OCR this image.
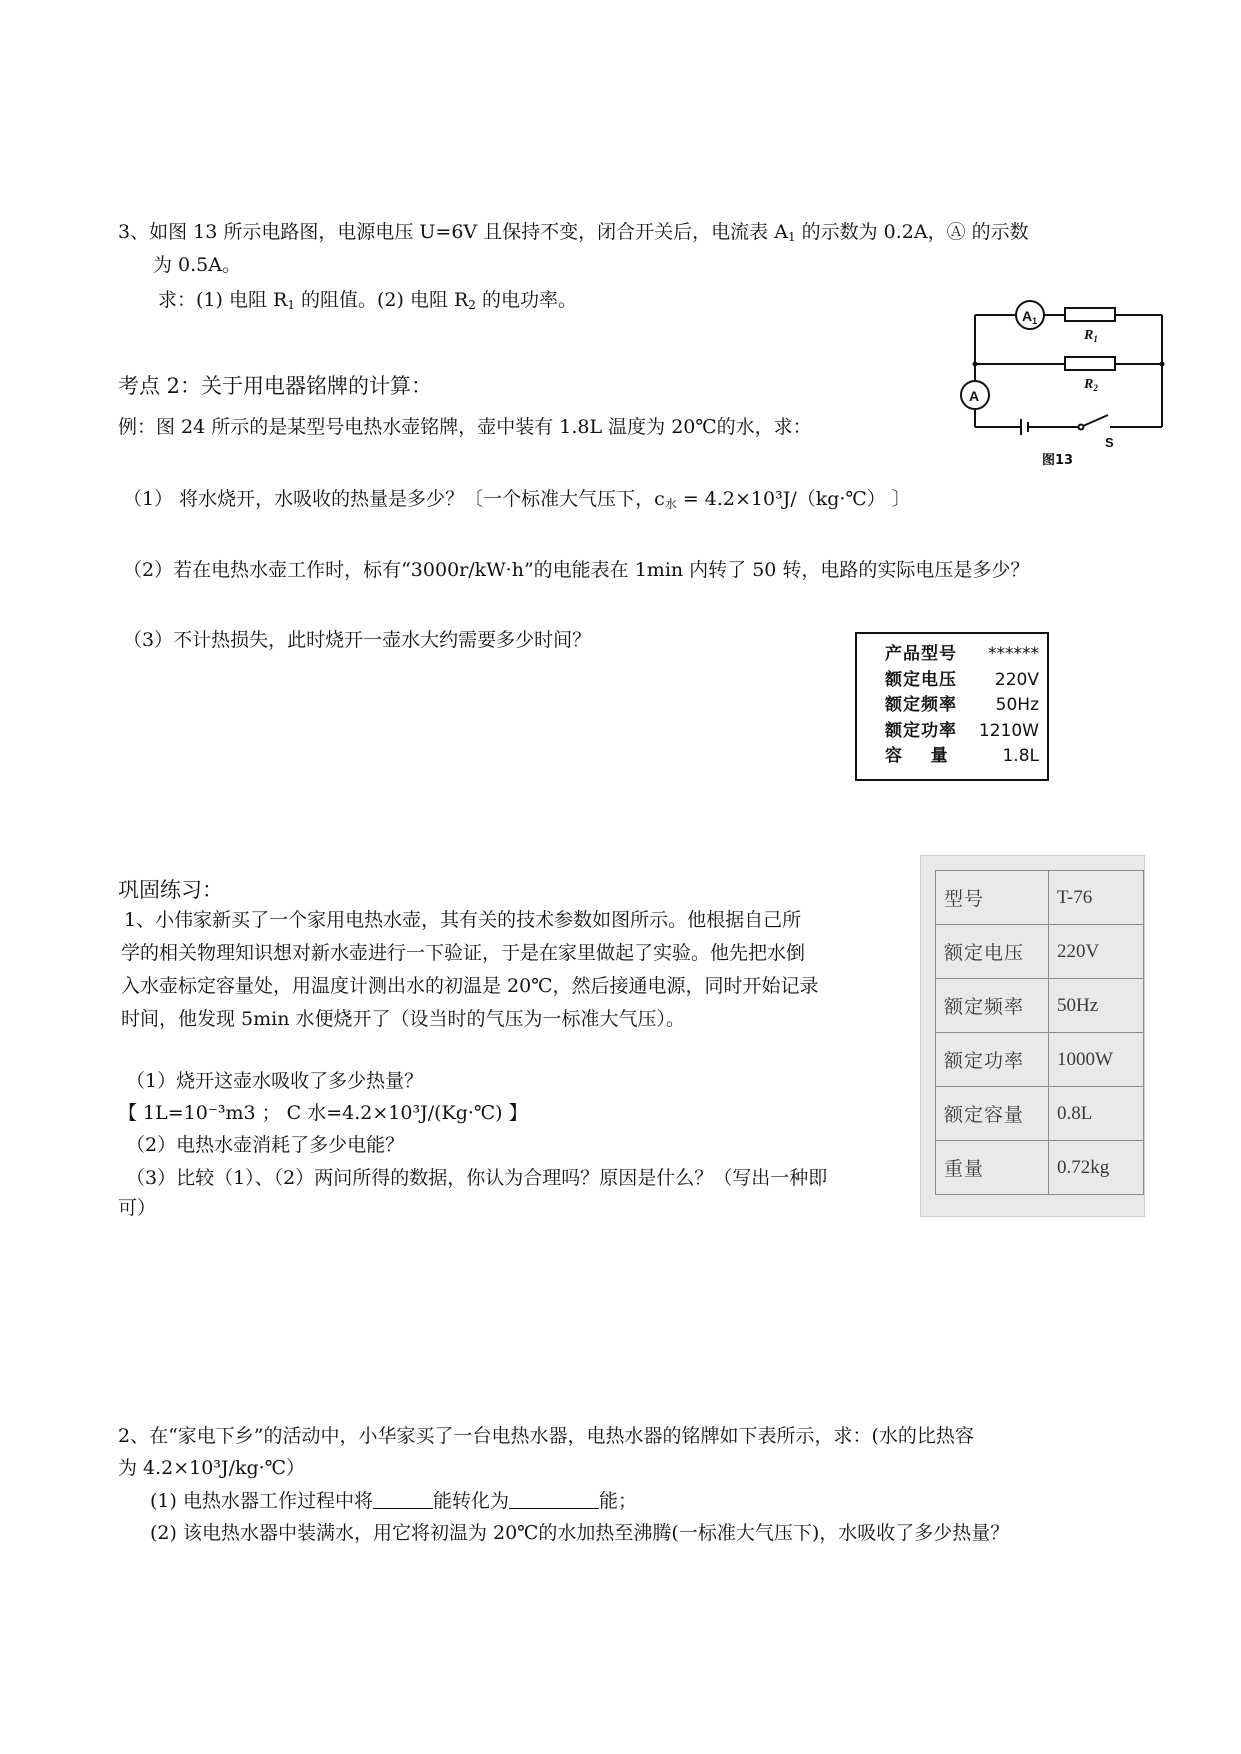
3、如图 13 所示电路图，电源电压 U=6V 且保持不变，闭合开关后，电流表 $A_1$ 的示数为 0.2A，Ⓐ 的示数
为 0.5A。
求：(1) 电阻 $R_1$ 的阻值。(2) 电阻 $R_2$ 的电功率。
$A_1$
A
$R_1$
$R_2$
S
图13
考点 2：关于用电器铭牌的计算：
例：图 24 所示的是某型号电热水壶铭牌，壶中装有 1.8L 温度为 20℃的水，求：
（1） 将水烧开，水吸收的热量是多少？〔一个标准大气压下，$c_水$ = 4.2×10³J/（kg·℃） 〕
（2）若在电热水壶工作时，标有“3000r/kW·h”的电能表在 1min 内转了 50 转，电路的实际电压是多少？
（3）不计热损失，此时烧开一壶水大约需要多少时间？
产品型号	******
额定电压	220V
额定频率	50Hz
额定功率	1210W
容    量	1.8L
巩固练习：
1、小伟家新买了一个家用电热水壶，其有关的技术参数如图所示。他根据自己所
学的相关物理知识想对新水壶进行一下验证，于是在家里做起了实验。他先把水倒
入水壶标定容量处，用温度计测出水的初温是 20℃，然后接通电源，同时开始记录
时间，他发现 5min 水便烧开了（设当时的气压为一标准大气压）。
（1）烧开这壶水吸收了多少热量？
【 1L=10⁻³m3 ； C 水=4.2×10³J/(Kg·℃) 】
（2）电热水壶消耗了多少电能？
（3）比较（1）、（2）两问所得的数据，你认为合理吗？原因是什么？（写出一种即
可）
型号	T-76
额定电压	220V
额定频率	50Hz
额定功率	1000W
额定容量	0.8L
重量	0.72kg
2、在“家电下乡”的活动中，小华家买了一台电热水器，电热水器的铭牌如下表所示，求：(水的比热容
为 4.2×10³J/kg·℃）
(1) 电热水器工作过程中将	能转化为	能；
(2) 该电热水器中装满水，用它将初温为 20℃的水加热至沸腾(一标准大气压下)，水吸收了多少热量？
